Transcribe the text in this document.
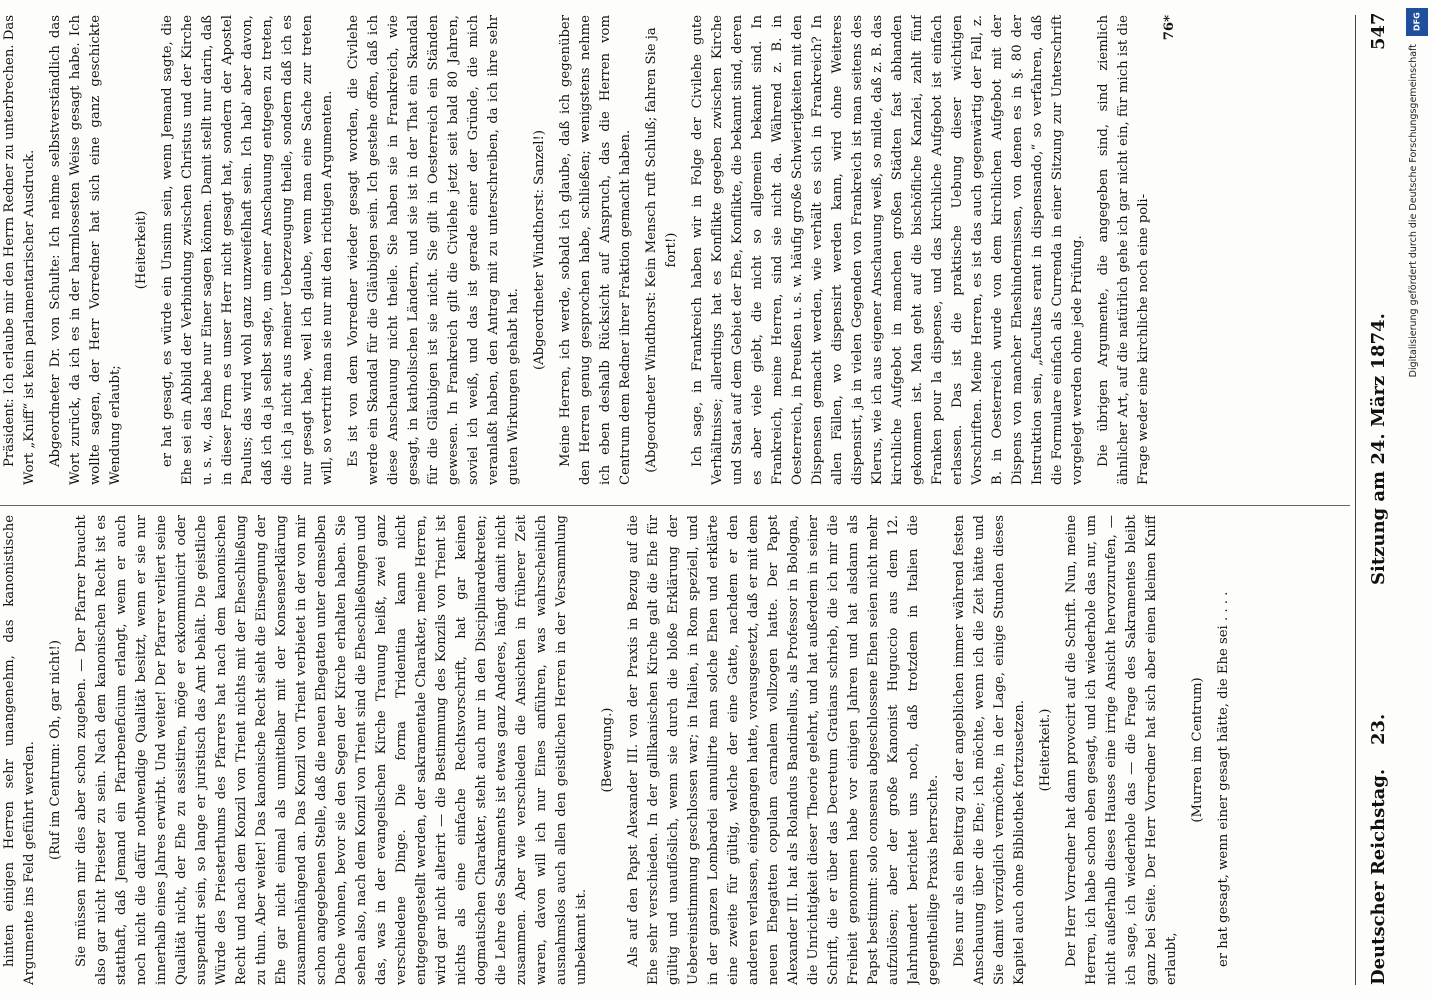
hinten einigen Herren sehr unangenehm, das kanonistische Argumente ins Feld geführt werden. (Ruf im Centrum: Oh, gar nicht!) Sie müssen mir dies aber schon zugeben. — Der Pfarrer braucht also gar nicht Priester zu sein. Nach dem kanonischen Recht ist es statthaft, daß Jemand ein Pfarrbeneficium erlangt, wenn er auch noch nicht die dafür nothwendige Qualität besitzt, wenn er sie nur innerhalb eines Jahres erwirbt. Und weiter! Der Pfarrer verliert seine Qualität nicht, der Ehe zu assistiren, möge er exkommunicirt oder suspendirt sein, so lange er juristisch das Amt behält. Die geistliche Würde des Priesterthums des Pfarrers hat nach dem kanonischen Recht und nach dem Konzil von Trient nichts mit der Eheschließung zu thun. Aber weiter! Das kanonische Recht sieht die Einsegnung der Ehe gar nicht einmal als unmittelbar mit der Konsenserklärung zusammenhängend an. Das Konzil von Trient verbietet in der von mir schon angegebenen Stelle, daß die neuen Ehegatten unter demselben Dache wohnen, bevor sie den Segen der Kirche erhalten haben. Sie sehen also, nach dem Konzil von Trient sind die Eheschließungen und das, was in der evangelischen Kirche Trauung heißt, zwei ganz verschiedene Dinge. Die forma Tridentina kann nicht entgegengestellt werden, der sakramentale Charakter, meine Herren, wird gar nicht alterirt — die Bestimmung des Konzils von Trient ist nichts als eine einfache Rechtsvorschrift, hat gar keinen dogmatischen Charakter, steht auch nur in den Disciplinardekreten; die Lehre des Sakraments ist etwas ganz Anderes, hängt damit nicht zusammen. Aber wie verschieden die Ansichten in früherer Zeit waren, davon will ich nur Eines anführen, was wahrscheinlich ausnahmslos auch allen den geistlichen Herren in der Versammlung unbekannt ist.

(Bewegung.) Als auf den Papst Alexander III. von der Praxis in Bezug auf die Ehe sehr verschieden. In der gallikanischen Kirche galt die Ehe für gültig und unauflöslich, wenn sie durch die bloße Erklärung der Uebereinstimmung geschlossen war; in Italien, in Rom speziell, und in der ganzen Lombardei annullirte man solche Ehen und erklärte eine zweite für gültig, welche der eine Gatte, nachdem er den anderen verlassen, eingegangen hatte, vorausgesetzt, daß er mit dem neuen Ehegatten copulam carnalem vollzogen hatte. Der Papst Alexander III. hat als Rolandus Bandinellus, als Professor in Bologna, die Unrichtigkeit dieser Theorie gelehrt, und hat außerdem in seiner Schrift, die er über das Decretum Gratians schrieb, die ich mir die Freiheit genommen habe vor einigen Jahren und hat alsdann als Papst bestimmt: solo consensu abgeschlossene Ehen seien nicht mehr aufzulösen; aber der große Kanonist Huguccio aus dem 12. Jahrhundert berichtet uns noch, daß trotzdem in Italien die gegentheilige Praxis herrschte. Dies nur als ein Beitrag zu der angeblichen immer während festen Anschauung über die Ehe; ich möchte, wenn ich die Zeit hätte und Sie damit vorzüglich vermöchte, in der Lage, einige Stunden dieses Kapitel auch ohne Bibliothek fortzusetzen. (Heiterkeit.) Der Herr Vorredner hat dann provocirt auf die Schrift. Nun, meine Herren, ich habe schon eben gesagt, und ich wiederhole das nur, um nicht außerhalb dieses Hauses eine irrige Ansicht hervorzurufen, — ich sage, ich wiederhole das — die Frage des Sakramentes bleibt ganz bei Seite. Der Herr Vorredner hat sich aber einen kleinen Kniff erlaubt,

(Murren im Centrum) er hat gesagt, wenn einer gesagt hätte, die Ehe sei . . . .

Präsident: Ich erlaube mir den Herrn Redner zu unterbrechen. Das Wort „Kniff“ ist kein parlamentarischer Ausdruck. Abgeordneter Dr. von Schulte: Ich nehme selbstverständlich das Wort zurück, da ich es in der harmlosesten Weise gesagt habe. Ich wollte sagen, der Herr Vorredner hat sich eine ganz geschickte Wendung erlaubt;

(Heiterkeit) er hat gesagt, es würde ein Unsinn sein, wenn Jemand sagte, die Ehe sei ein Abbild der Verbindung zwischen Christus und der Kirche u. s. w., das habe nur Einer sagen können. Damit stellt nur darin, daß in dieser Form es unser Herr nicht gesagt hat, sondern der Apostel Paulus; das wird wohl ganz unzweifelhaft sein. Ich hab' aber davon, daß ich da ja selbst sagte, um einer Anschauung entgegen zu treten, die ich ja nicht aus meiner Ueberzeugung theile, sondern daß ich es nur gesagt habe, weil ich glaube, wenn man eine Sache zur treten will, so vertritt man sie nur mit den richtigen Argumenten. Es ist von dem Vorredner wieder gesagt worden, die Civilehe werde ein Skandal für die Gläubigen sein. Ich gestehe offen, daß ich diese Anschauung nicht theile. Sie haben sie in Frankreich, wie gesagt, in katholischen Ländern, und sie ist in der That ein Skandal für die Gläubigen ist sie nicht. Sie gilt in Oesterreich ein Ständen gewesen. In Frankreich gilt die Civilehe jetzt seit bald 80 Jahren, soviel ich weiß, und das ist gerade einer der Gründe, die mich veranlaßt haben, den Antrag mit zu unterschreiben, da ich ihre sehr guten Wirkungen gehabt hat.

(Abgeordneter Windthorst: Sanzel!) Meine Herren, ich werde, sobald ich glaube, daß ich gegenüber den Herren genug gesprochen habe, schließen; wenigstens nehme ich eben deshalb Rücksicht auf Anspruch, das die Herren vom Centrum dem Redner ihrer Fraktion gemacht haben. (Abgeordneter Windthorst: Kein Mensch ruft Schluß; fahren Sie ja fort!) Ich sage, in Frankreich haben wir in Folge der Civilehe gute Verhältnisse; allerdings hat es Konflikte gegeben zwischen Kirche und Staat auf dem Gebiet der Ehe, Konflikte, die bekannt sind, deren es aber viele giebt, die nicht so allgemein bekannt sind. In Frankreich, meine Herren, sind sie nicht da. Während z. B. in Oesterreich, in Preußen u. s. w. häufig große Schwierigkeiten mit den Dispensen gemacht werden, wie verhält es sich in Frankreich? In allen Fällen, wo dispensirt werden kann, wird ohne Weiteres dispensirt, ja in vielen Gegenden von Frankreich ist man seitens des Klerus, wie ich aus eigener Anschauung weiß, so milde, daß z. B. das kirchliche Aufgebot in manchen großen Städten fast abhanden gekommen ist. Man geht auf die bischöfliche Kanzlei, zahlt fünf Franken pour la dispense, und das kirchliche Aufgebot ist einfach erlassen. Das ist die praktische Uebung dieser wichtigen Vorschriften. Meine Herren, es ist das auch gegenwärtig der Fall, z. B. in Oesterreich wurde von dem kirchlichen Aufgebot mit der Dispens von mancher Eheshindernissen, von denen es in §. 80 der Instruktion sein, „facultas erant in dispensando,“ so verfahren, daß die Formulare einfach als Currenda in einer Sitzung zur Unterschrift vorgelegt werden ohne jede Prüfung. Die übrigen Argumente, die angegeben sind, sind ziemlich ähnlicher Art, auf die natürlich gehe ich gar nicht ein, für mich ist die Frage weder eine kirchliche noch eine poli-

76*
Deutscher Reichstag.
23.
Sitzung am 24. März 1874.
547	DFG
Digitalisierung gefördert durch die Deutsche Forschungsgemeinschaft
